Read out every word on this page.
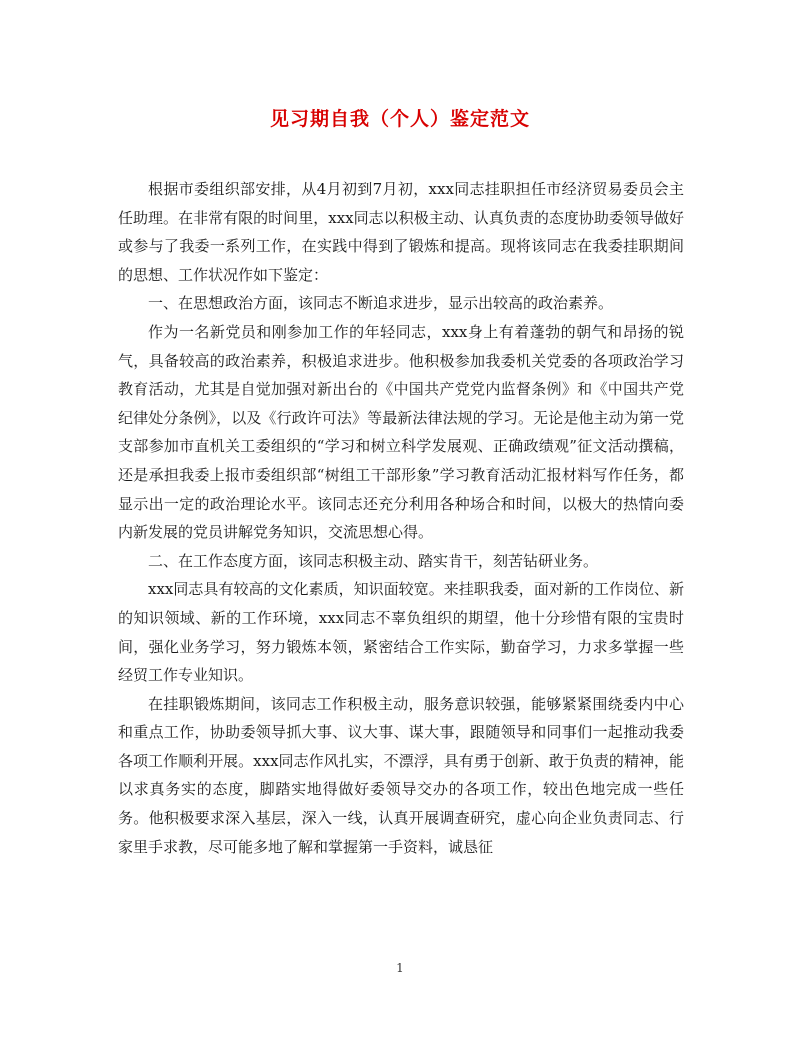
见习期自我（个人）鉴定范文

根据市委组织部安排，从4月初到7月初，xxx同志挂职担任市经济贸易委员会主任助理。在非常有限的时间里，xxx同志以积极主动、认真负责的态度协助委领导做好或参与了我委一系列工作，在实践中得到了锻炼和提高。现将该同志在我委挂职期间的思想、工作状况作如下鉴定：

一、在思想政治方面，该同志不断追求进步，显示出较高的政治素养。

作为一名新党员和刚参加工作的年轻同志，xxx身上有着蓬勃的朝气和昂扬的锐气，具备较高的政治素养，积极追求进步。他积极参加我委机关党委的各项政治学习教育活动，尤其是自觉加强对新出台的《中国共产党党内监督条例》和《中国共产党纪律处分条例》，以及《行政许可法》等最新法律法规的学习。无论是他主动为第一党支部参加市直机关工委组织的“学习和树立科学发展观、正确政绩观”征文活动撰稿，还是承担我委上报市委组织部“树组工干部形象”学习教育活动汇报材料写作任务，都显示出一定的政治理论水平。该同志还充分利用各种场合和时间，以极大的热情向委内新发展的党员讲解党务知识，交流思想心得。

二、在工作态度方面，该同志积极主动、踏实肯干，刻苦钻研业务。

xxx同志具有较高的文化素质，知识面较宽。来挂职我委，面对新的工作岗位、新的知识领域、新的工作环境，xxx同志不辜负组织的期望，他十分珍惜有限的宝贵时间，强化业务学习，努力锻炼本领，紧密结合工作实际，勤奋学习，力求多掌握一些经贸工作专业知识。

在挂职锻炼期间，该同志工作积极主动，服务意识较强，能够紧紧围绕委内中心和重点工作，协助委领导抓大事、议大事、谋大事，跟随领导和同事们一起推动我委各项工作顺利开展。xxx同志作风扎实，不漂浮，具有勇于创新、敢于负责的精神，能以求真务实的态度，脚踏实地得做好委领导交办的各项工作，较出色地完成一些任务。他积极要求深入基层，深入一线，认真开展调查研究，虚心向企业负责同志、行家里手求教，尽可能多地了解和掌握第一手资料，诚恳征

1
